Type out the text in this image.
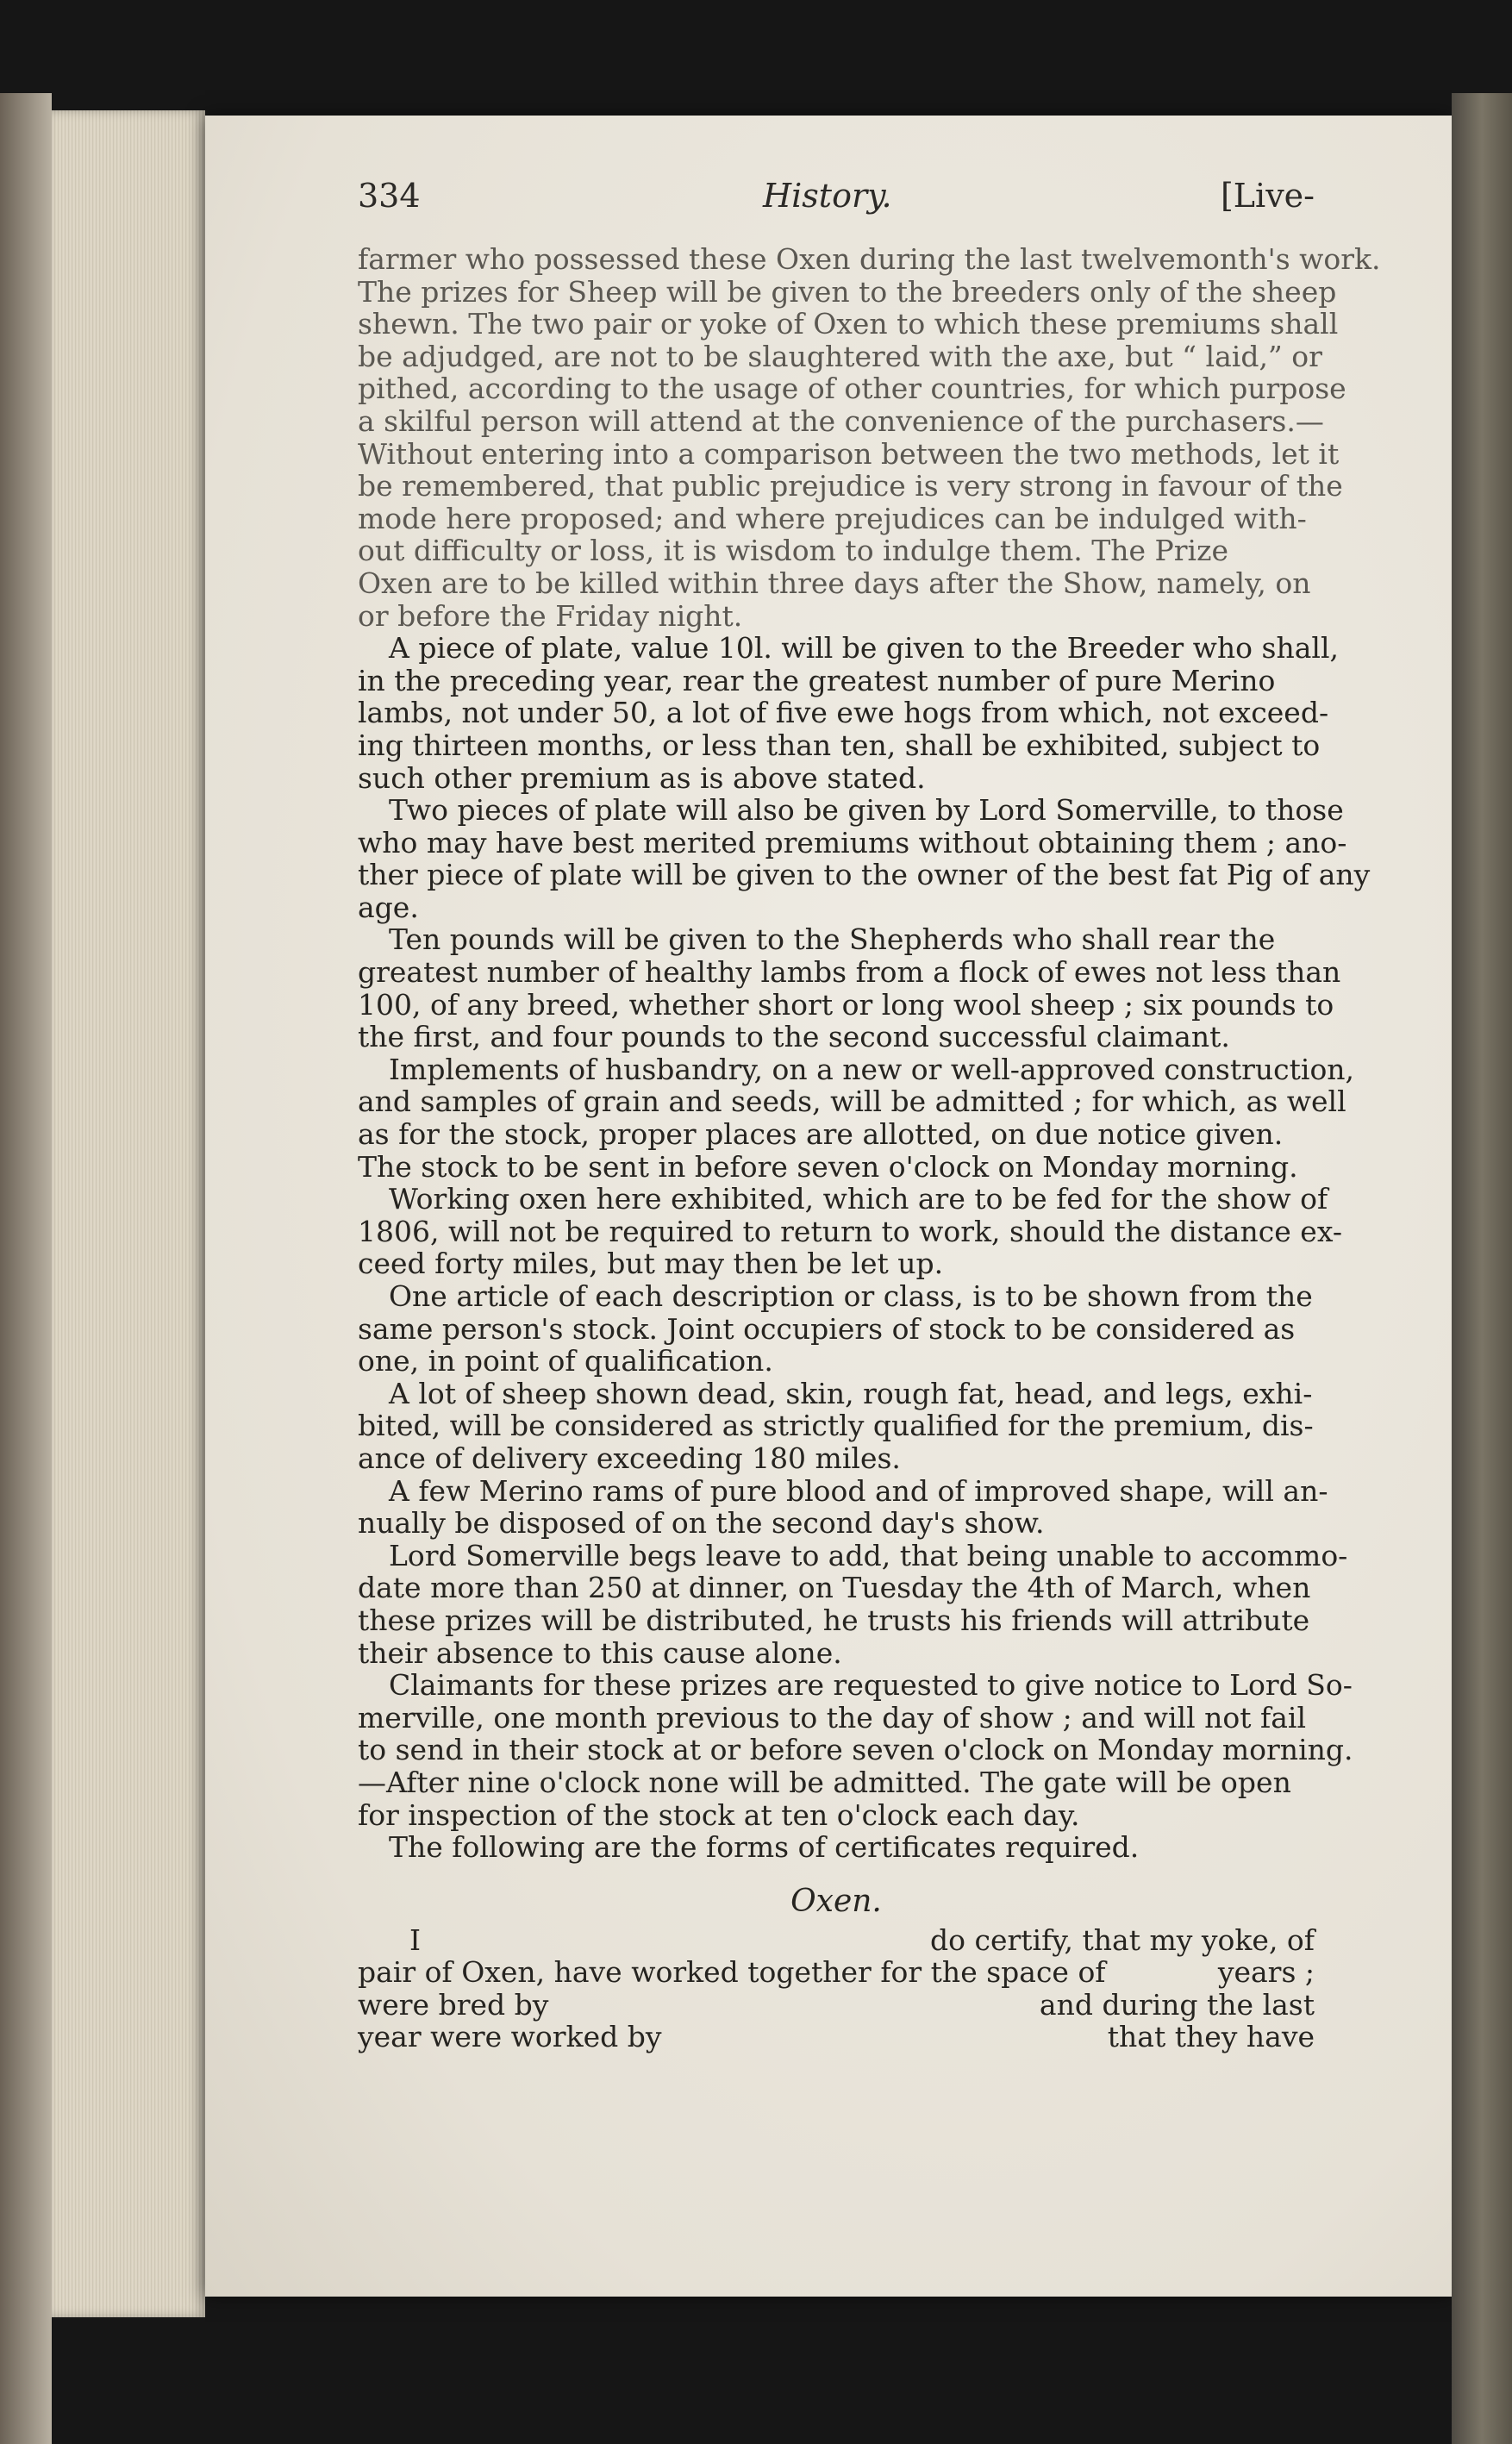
334	History.	[Live-
farmer who possessed these Oxen during the last twelvemonth's work.
The prizes for Sheep will be given to the breeders only of the sheep
shewn. The two pair or yoke of Oxen to which these premiums shall
be adjudged, are not to be slaughtered with the axe, but “ laid,” or
pithed, according to the usage of other countries, for which purpose
a skilful person will attend at the convenience of the purchasers.—
Without entering into a comparison between the two methods, let it
be remembered, that public prejudice is very strong in favour of the
mode here proposed; and where prejudices can be indulged with-
out difficulty or loss, it is wisdom to indulge them. The Prize
Oxen are to be killed within three days after the Show, namely, on
or before the Friday night.
A piece of plate, value 10l. will be given to the Breeder who shall,
in the preceding year, rear the greatest number of pure Merino
lambs, not under 50, a lot of five ewe hogs from which, not exceed-
ing thirteen months, or less than ten, shall be exhibited, subject to
such other premium as is above stated.
Two pieces of plate will also be given by Lord Somerville, to those
who may have best merited premiums without obtaining them ; ano-
ther piece of plate will be given to the owner of the best fat Pig of any
age.
Ten pounds will be given to the Shepherds who shall rear the
greatest number of healthy lambs from a flock of ewes not less than
100, of any breed, whether short or long wool sheep ; six pounds to
the first, and four pounds to the second successful claimant.
Implements of husbandry, on a new or well-approved construction,
and samples of grain and seeds, will be admitted ; for which, as well
as for the stock, proper places are allotted, on due notice given.
The stock to be sent in before seven o'clock on Monday morning.
Working oxen here exhibited, which are to be fed for the show of
1806, will not be required to return to work, should the distance ex-
ceed forty miles, but may then be let up.
One article of each description or class, is to be shown from the
same person's stock. Joint occupiers of stock to be considered as
one, in point of qualification.
A lot of sheep shown dead, skin, rough fat, head, and legs, exhi-
bited, will be considered as strictly qualified for the premium, dis-
ance of delivery exceeding 180 miles.
A few Merino rams of pure blood and of improved shape, will an-
nually be disposed of on the second day's show.
Lord Somerville begs leave to add, that being unable to accommo-
date more than 250 at dinner, on Tuesday the 4th of March, when
these prizes will be distributed, he trusts his friends will attribute
their absence to this cause alone.
Claimants for these prizes are requested to give notice to Lord So-
merville, one month previous to the day of show ; and will not fail
to send in their stock at or before seven o'clock on Monday morning.
—After nine o'clock none will be admitted. The gate will be open
for inspection of the stock at ten o'clock each day.
The following are the forms of certificates required.
Oxen.
I	do certify, that my yoke, of
pair of Oxen, have worked together for the space of	years ;
were bred by	and during the last
year were worked by	that they have
